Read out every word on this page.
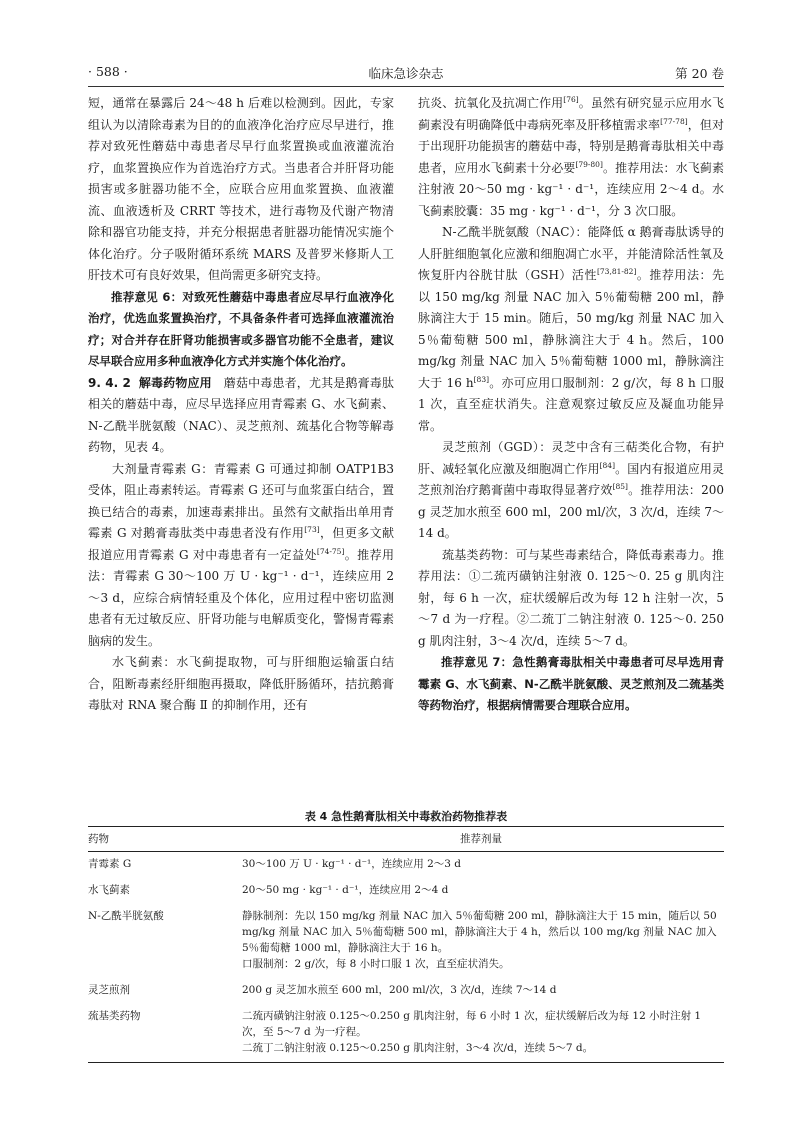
· 588 ·	临床急诊杂志	第 20 卷

短，通常在暴露后 24～48 h 后难以检测到。因此，专家组认为以清除毒素为目的的血液净化治疗应尽早进行，推荐对致死性蘑菇中毒患者尽早行血浆置换或血液灌流治疗，血浆置换应作为首选治疗方式。当患者合并肝肾功能损害或多脏器功能不全，应联合应用血浆置换、血液灌流、血液透析及 CRRT 等技术，进行毒物及代谢产物清除和器官功能支持，并充分根据患者脏器功能情况实施个体化治疗。分子吸附循环系统 MARS 及普罗米修斯人工肝技术可有良好效果，但尚需更多研究支持。

推荐意见 6：对致死性蘑菇中毒患者应尽早行血液净化治疗，优选血浆置换治疗，不具备条件者可选择血液灌流治疗；对合并存在肝肾功能损害或多器官功能不全患者，建议尽早联合应用多种血液净化方式并实施个体化治疗。

9. 4. 2 解毒药物应用 蘑菇中毒患者，尤其是鹅膏毒肽相关的蘑菇中毒，应尽早选择应用青霉素 G、水飞蓟素、N-乙酰半胱氨酸（NAC）、灵芝煎剂、巯基化合物等解毒药物，见表 4。

大剂量青霉素 G：青霉素 G 可通过抑制 OATP1B3 受体，阻止毒素转运。青霉素 G 还可与血浆蛋白结合，置换已结合的毒素，加速毒素排出。虽然有文献指出单用青霉素 G 对鹅膏毒肽类中毒患者没有作用[73]，但更多文献报道应用青霉素 G 对中毒患者有一定益处[74-75]。推荐用法：青霉素 G 30～100 万 U · kg⁻¹ · d⁻¹，连续应用 2～3 d，应综合病情轻重及个体化，应用过程中密切监测患者有无过敏反应、肝肾功能与电解质变化，警惕青霉素脑病的发生。

水飞蓟素：水飞蓟提取物，可与肝细胞运输蛋白结合，阻断毒素经肝细胞再摄取，降低肝肠循环，拮抗鹅膏毒肽对 RNA 聚合酶 Ⅱ 的抑制作用，还有

抗炎、抗氧化及抗凋亡作用[76]。虽然有研究显示应用水飞蓟素没有明确降低中毒病死率及肝移植需求率[77-78]，但对于出现肝功能损害的蘑菇中毒，特别是鹅膏毒肽相关中毒患者，应用水飞蓟素十分必要[79-80]。推荐用法：水飞蓟素注射液 20～50 mg · kg⁻¹ · d⁻¹，连续应用 2～4 d。水飞蓟素胶囊：35 mg · kg⁻¹ · d⁻¹，分 3 次口服。

N-乙酰半胱氨酸（NAC）：能降低 α 鹅膏毒肽诱导的人肝脏细胞氧化应激和细胞凋亡水平，并能清除活性氧及恢复肝内谷胱甘肽（GSH）活性[73,81-82]。推荐用法：先以 150 mg/kg 剂量 NAC 加入 5％葡萄糖 200 ml，静脉滴注大于 15 min。随后，50 mg/kg 剂量 NAC 加入 5％葡萄糖 500 ml，静脉滴注大于 4 h。然后，100 mg/kg 剂量 NAC 加入 5％葡萄糖 1000 ml，静脉滴注大于 16 h[83]。亦可应用口服制剂：2 g/次，每 8 h 口服 1 次，直至症状消失。注意观察过敏反应及凝血功能异常。

灵芝煎剂（GGD）：灵芝中含有三萜类化合物，有护肝、减轻氧化应激及细胞凋亡作用[84]。国内有报道应用灵芝煎剂治疗鹅膏菌中毒取得显著疗效[85]。推荐用法：200 g 灵芝加水煎至 600 ml，200 ml/次，3 次/d，连续 7～14 d。

巯基类药物：可与某些毒素结合，降低毒素毒力。推荐用法：①二巯丙磺钠注射液 0. 125～0. 25 g 肌肉注射，每 6 h 一次，症状缓解后改为每 12 h 注射一次，5～7 d 为一疗程。②二巯丁二钠注射液 0. 125～0. 250 g 肌肉注射，3～4 次/d，连续 5～7 d。

推荐意见 7：急性鹅膏毒肽相关中毒患者可尽早选用青霉素 G、水飞蓟素、N-乙酰半胱氨酸、灵芝煎剂及二巯基类等药物治疗，根据病情需要合理联合应用。

表 4 急性鹅膏肽相关中毒救治药物推荐表
药物	推荐剂量
青霉素 G	30～100 万 U · kg⁻¹ · d⁻¹，连续应用 2～3 d

水飞蓟素	20～50 mg · kg⁻¹ · d⁻¹，连续应用 2～4 d

N-乙酰半胱氨酸	静脉制剂：先以 150 mg/kg 剂量 NAC 加入 5％葡萄糖 200 ml，静脉滴注大于 15 min，随后以 50 mg/kg 剂量 NAC 加入 5％葡萄糖 500 ml，静脉滴注大于 4 h，然后以 100 mg/kg 剂量 NAC 加入 5％葡萄糖 1000 ml，静脉滴注大于 16 h。
口服制剂：2 g/次，每 8 小时口服 1 次，直至症状消失。

灵芝煎剂	200 g 灵芝加水煎至 600 ml，200 ml/次，3 次/d，连续 7～14 d

巯基类药物	二巯丙磺钠注射液 0.125～0.250 g 肌肉注射，每 6 小时 1 次，症状缓解后改为每 12 小时注射 1 次，至 5～7 d 为一疗程。
二巯丁二钠注射液 0.125～0.250 g 肌肉注射，3～4 次/d，连续 5～7 d。
